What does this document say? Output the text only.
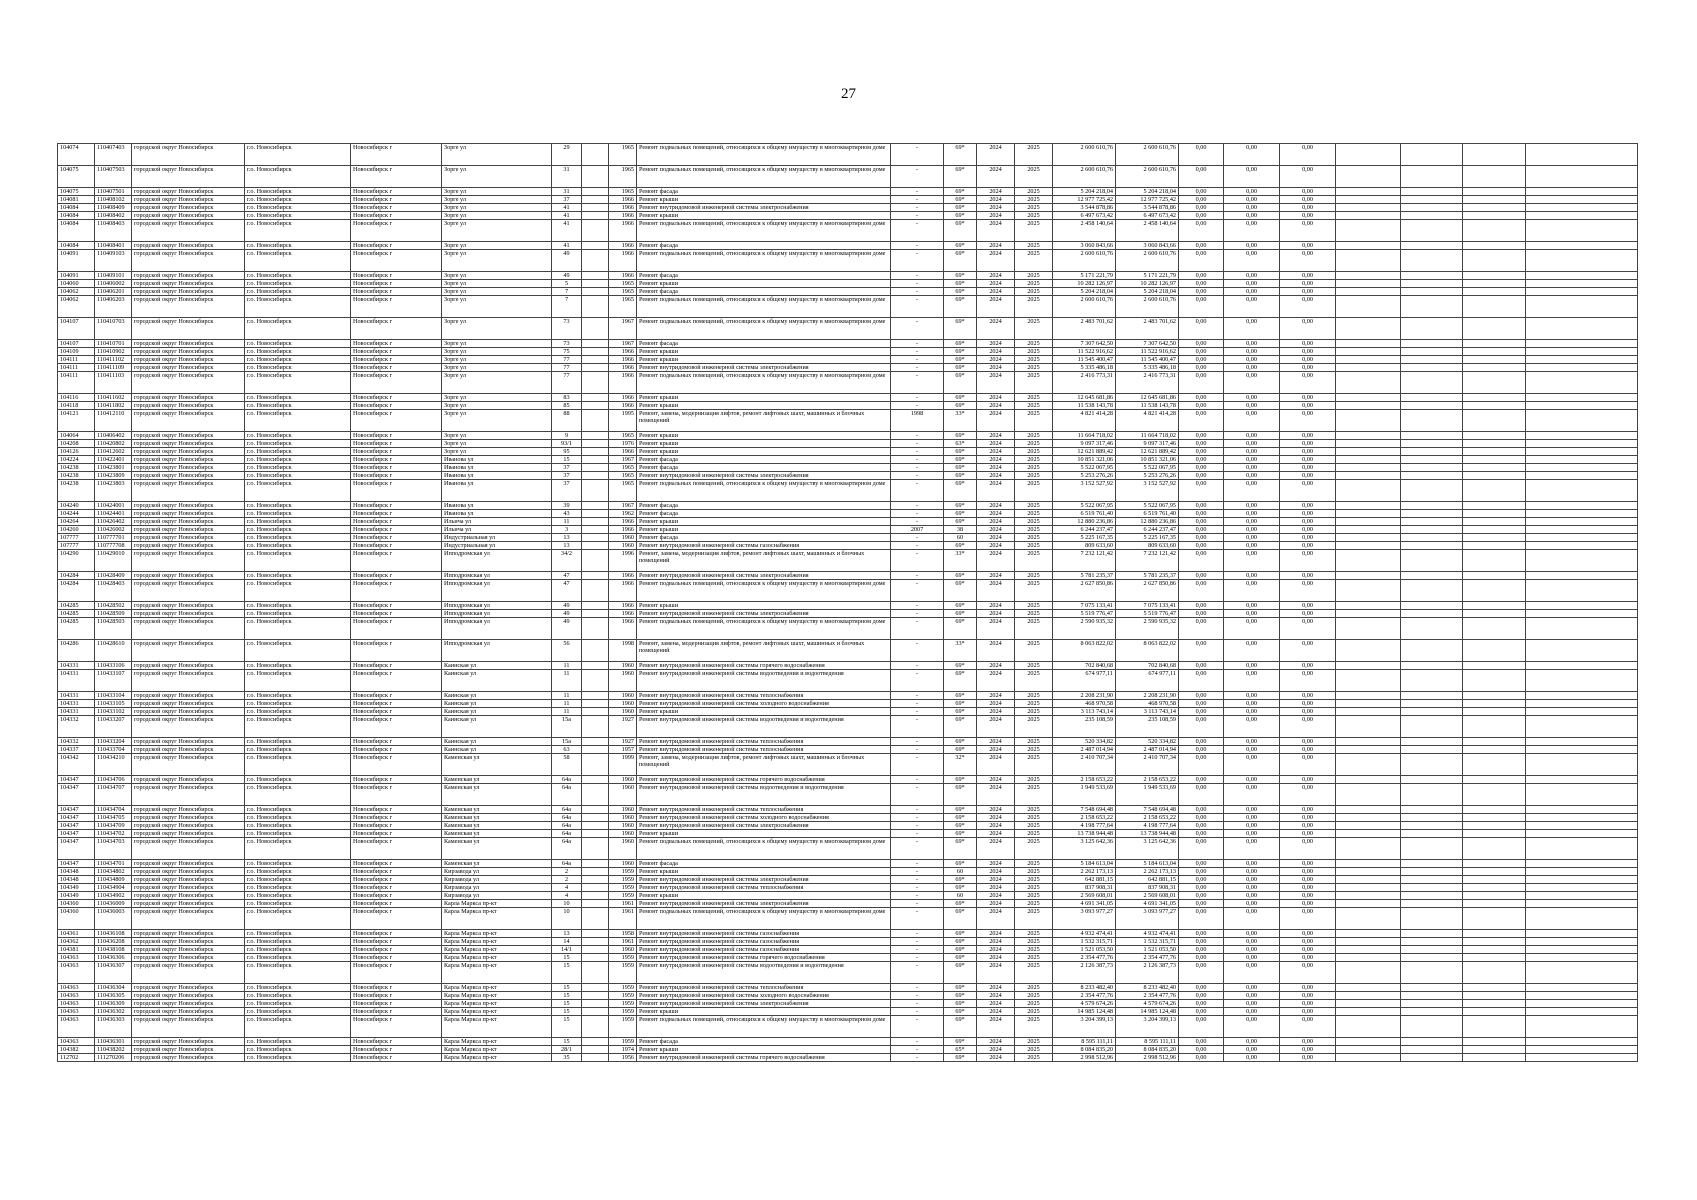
27
104074	110407403	городской округ Новосибирск	г.о. Новосибирск	Новосибирск г	Зорге ул	29		1965	Ремонт подвальных помещений, относящихся к общему имуществу в многоквартирном доме	-	69*	2024	2025	2 600 610,76	2 600 610,76	0,00	0,00	0,00				
104075	110407503	городской округ Новосибирск	г.о. Новосибирск	Новосибирск г	Зорге ул	31		1965	Ремонт подвальных помещений, относящихся к общему имуществу в многоквартирном доме	-	69*	2024	2025	2 600 610,76	2 600 610,76	0,00	0,00	0,00				
104075	110407501	городской округ Новосибирск	г.о. Новосибирск	Новосибирск г	Зорге ул	31		1965	Ремонт фасада	-	69*	2024	2025	5 204 218,04	5 204 218,04	0,00	0,00	0,00				
104081	110408102	городской округ Новосибирск	г.о. Новосибирск	Новосибирск г	Зорге ул	37		1966	Ремонт крыши	-	69*	2024	2025	12 977 725,42	12 977 725,42	0,00	0,00	0,00				
104084	110408409	городской округ Новосибирск	г.о. Новосибирск	Новосибирск г	Зорге ул	41		1966	Ремонт внутридомовой инженерной системы электроснабжения	-	69*	2024	2025	3 544 878,86	3 544 878,86	0,00	0,00	0,00				
104084	110408402	городской округ Новосибирск	г.о. Новосибирск	Новосибирск г	Зорге ул	41		1966	Ремонт крыши	-	69*	2024	2025	6 497 673,42	6 497 673,42	0,00	0,00	0,00				
104084	110408403	городской округ Новосибирск	г.о. Новосибирск	Новосибирск г	Зорге ул	41		1966	Ремонт подвальных помещений, относящихся к общему имуществу в многоквартирном доме	-	69*	2024	2025	2 458 140,64	2 458 140,64	0,00	0,00	0,00				
104084	110408401	городской округ Новосибирск	г.о. Новосибирск	Новосибирск г	Зорге ул	41		1966	Ремонт фасада	-	69*	2024	2025	3 060 843,66	3 060 843,66	0,00	0,00	0,00				
104091	110409103	городской округ Новосибирск	г.о. Новосибирск	Новосибирск г	Зорге ул	49		1966	Ремонт подвальных помещений, относящихся к общему имуществу в многоквартирном доме	-	69*	2024	2025	2 600 610,76	2 600 610,76	0,00	0,00	0,00				
104091	110409101	городской округ Новосибирск	г.о. Новосибирск	Новосибирск г	Зорге ул	49		1966	Ремонт фасада	-	69*	2024	2025	5 171 221,79	5 171 221,79	0,00	0,00	0,00				
104060	110406002	городской округ Новосибирск	г.о. Новосибирск	Новосибирск г	Зорге ул	5		1965	Ремонт крыши	-	69*	2024	2025	10 282 126,97	10 282 126,97	0,00	0,00	0,00				
104062	110406201	городской округ Новосибирск	г.о. Новосибирск	Новосибирск г	Зорге ул	7		1965	Ремонт фасада	-	69*	2024	2025	5 204 218,04	5 204 218,04	0,00	0,00	0,00				
104062	110406203	городской округ Новосибирск	г.о. Новосибирск	Новосибирск г	Зорге ул	7		1965	Ремонт подвальных помещений, относящихся к общему имуществу в многоквартирном доме	-	69*	2024	2025	2 600 610,76	2 600 610,76	0,00	0,00	0,00				
104107	110410703	городской округ Новосибирск	г.о. Новосибирск	Новосибирск г	Зорге ул	73		1967	Ремонт подвальных помещений, относящихся к общему имуществу в многоквартирном доме	-	69*	2024	2025	2 483 701,62	2 483 701,62	0,00	0,00	0,00				
104107	110410701	городской округ Новосибирск	г.о. Новосибирск	Новосибирск г	Зорге ул	73		1967	Ремонт фасада	-	69*	2024	2025	7 307 642,50	7 307 642,50	0,00	0,00	0,00				
104109	110410902	городской округ Новосибирск	г.о. Новосибирск	Новосибирск г	Зорге ул	75		1966	Ремонт крыши	-	69*	2024	2025	11 522 916,62	11 522 916,62	0,00	0,00	0,00				
104111	110411102	городской округ Новосибирск	г.о. Новосибирск	Новосибирск г	Зорге ул	77		1966	Ремонт крыши	-	69*	2024	2025	11 545 400,47	11 545 400,47	0,00	0,00	0,00				
104111	110411109	городской округ Новосибирск	г.о. Новосибирск	Новосибирск г	Зорге ул	77		1966	Ремонт внутридомовой инженерной системы электроснабжения	-	69*	2024	2025	5 335 486,18	5 335 486,18	0,00	0,00	0,00				
104111	110411103	городской округ Новосибирск	г.о. Новосибирск	Новосибирск г	Зорге ул	77		1966	Ремонт подвальных помещений, относящихся к общему имуществу в многоквартирном доме	-	69*	2024	2025	2 416 773,31	2 416 773,31	0,00	0,00	0,00				
104116	110411602	городской округ Новосибирск	г.о. Новосибирск	Новосибирск г	Зорге ул	83		1966	Ремонт крыши	-	69*	2024	2025	12 645 681,86	12 645 681,86	0,00	0,00	0,00				
104118	110411802	городской округ Новосибирск	г.о. Новосибирск	Новосибирск г	Зорге ул	85		1966	Ремонт крыши	-	69*	2024	2025	11 538 143,78	11 538 143,78	0,00	0,00	0,00				
104121	110412110	городской округ Новосибирск	г.о. Новосибирск	Новосибирск г	Зорге ул	88		1995	Ремонт, замена, модернизация лифтов, ремонт лифтовых шахт, машинных и блочных помещений	1998	33*	2024	2025	4 821 414,28	4 821 414,28	0,00	0,00	0,00				
104064	110406402	городской округ Новосибирск	г.о. Новосибирск	Новосибирск г	Зорге ул	9		1965	Ремонт крыши	-	69*	2024	2025	11 664 718,02	11 664 718,02	0,00	0,00	0,00				
104208	110420802	городской округ Новосибирск	г.о. Новосибирск	Новосибирск г	Зорге ул	93/1		1976	Ремонт крыши	-	63*	2024	2025	9 097 317,46	9 097 317,46	0,00	0,00	0,00				
104126	110412602	городской округ Новосибирск	г.о. Новосибирск	Новосибирск г	Зорге ул	95		1966	Ремонт крыши	-	69*	2024	2025	12 621 889,42	12 621 889,42	0,00	0,00	0,00				
104224	110422401	городской округ Новосибирск	г.о. Новосибирск	Новосибирск г	Иванова ул	15		1967	Ремонт фасада	-	69*	2024	2025	10 851 321,06	10 851 321,06	0,00	0,00	0,00				
104238	110423801	городской округ Новосибирск	г.о. Новосибирск	Новосибирск г	Иванова ул	37		1965	Ремонт фасада	-	69*	2024	2025	5 522 067,95	5 522 067,95	0,00	0,00	0,00				
104238	110423809	городской округ Новосибирск	г.о. Новосибирск	Новосибирск г	Иванова ул	37		1965	Ремонт внутридомовой инженерной системы электроснабжения	-	69*	2024	2025	5 253 276,26	5 253 276,26	0,00	0,00	0,00				
104238	110423803	городской округ Новосибирск	г.о. Новосибирск	Новосибирск г	Иванова ул	37		1965	Ремонт подвальных помещений, относящихся к общему имуществу в многоквартирном доме	-	69*	2024	2025	3 152 527,92	3 152 527,92	0,00	0,00	0,00				
104240	110424001	городской округ Новосибирск	г.о. Новосибирск	Новосибирск г	Иванова ул	39		1967	Ремонт фасада	-	69*	2024	2025	5 522 067,95	5 522 067,95	0,00	0,00	0,00				
104244	110424401	городской округ Новосибирск	г.о. Новосибирск	Новосибирск г	Иванова ул	43		1962	Ремонт фасада	-	69*	2024	2025	6 519 761,40	6 519 761,40	0,00	0,00	0,00				
104264	110426402	городской округ Новосибирск	г.о. Новосибирск	Новосибирск г	Ильича ул	11		1966	Ремонт крыши	-	69*	2024	2025	12 880 236,86	12 880 236,86	0,00	0,00	0,00				
104260	110426002	городской округ Новосибирск	г.о. Новосибирск	Новосибирск г	Ильича ул	3		1966	Ремонт крыши	2007	38	2024	2025	6 244 237,47	6 244 237,47	0,00	0,00	0,00				
107777	110777701	городской округ Новосибирск	г.о. Новосибирск	Новосибирск г	Индустриальная ул	13		1960	Ремонт фасада	-	60	2024	2025	5 225 167,35	5 225 167,35	0,00	0,00	0,00				
107777	110777708	городской округ Новосибирск	г.о. Новосибирск	Новосибирск г	Индустриальная ул	13		1960	Ремонт внутридомовой инженерной системы газоснабжения	-	69*	2024	2025	809 633,60	809 633,60	0,00	0,00	0,00				
104290	110429010	городской округ Новосибирск	г.о. Новосибирск	Новосибирск г	Ипподромская ул	34/2		1996	Ремонт, замена, модернизация лифтов, ремонт лифтовых шахт, машинных и блочных помещений	-	33*	2024	2025	7 232 121,42	7 232 121,42	0,00	0,00	0,00				
104284	110428409	городской округ Новосибирск	г.о. Новосибирск	Новосибирск г	Ипподромская ул	47		1966	Ремонт внутридомовой инженерной системы электроснабжения	-	69*	2024	2025	5 781 235,37	5 781 235,37	0,00	0,00	0,00				
104284	110428403	городской округ Новосибирск	г.о. Новосибирск	Новосибирск г	Ипподромская ул	47		1966	Ремонт подвальных помещений, относящихся к общему имуществу в многоквартирном доме	-	69*	2024	2025	2 627 850,86	2 627 850,86	0,00	0,00	0,00				
104285	110428502	городской округ Новосибирск	г.о. Новосибирск	Новосибирск г	Ипподромская ул	49		1966	Ремонт крыши	-	69*	2024	2025	7 075 133,41	7 075 133,41	0,00	0,00	0,00				
104285	110428509	городской округ Новосибирск	г.о. Новосибирск	Новосибирск г	Ипподромская ул	49		1966	Ремонт внутридомовой инженерной системы электроснабжения	-	69*	2024	2025	5 519 776,47	5 519 776,47	0,00	0,00	0,00				
104285	110428503	городской округ Новосибирск	г.о. Новосибирск	Новосибирск г	Ипподромская ул	49		1966	Ремонт подвальных помещений, относящихся к общему имуществу в многоквартирном доме	-	69*	2024	2025	2 590 935,32	2 590 935,32	0,00	0,00	0,00				
104286	110428610	городской округ Новосибирск	г.о. Новосибирск	Новосибирск г	Ипподромская ул	56		1998	Ремонт, замена, модернизация лифтов, ремонт лифтовых шахт, машинных и блочных помещений	-	33*	2024	2025	8 063 822,02	8 063 822,02	0,00	0,00	0,00				
104331	110433106	городской округ Новосибирск	г.о. Новосибирск	Новосибирск г	Каинская ул	11		1960	Ремонт внутридомовой инженерной системы горячего водоснабжения	-	69*	2024	2025	702 840,68	702 840,68	0,00	0,00	0,00				
104331	110433107	городской округ Новосибирск	г.о. Новосибирск	Новосибирск г	Каинская ул	11		1960	Ремонт внутридомовой инженерной системы водоотведения и водоотведения	-	69*	2024	2025	674 977,11	674 977,11	0,00	0,00	0,00				
104331	110433104	городской округ Новосибирск	г.о. Новосибирск	Новосибирск г	Каинская ул	11		1960	Ремонт внутридомовой инженерной системы теплоснабжения	-	69*	2024	2025	2 208 231,90	2 208 231,90	0,00	0,00	0,00				
104331	110433105	городской округ Новосибирск	г.о. Новосибирск	Новосибирск г	Каинская ул	11		1960	Ремонт внутридомовой инженерной системы холодного водоснабжения	-	69*	2024	2025	468 970,58	468 970,58	0,00	0,00	0,00				
104331	110433102	городской округ Новосибирск	г.о. Новосибирск	Новосибирск г	Каинская ул	11		1960	Ремонт крыши	-	69*	2024	2025	3 113 743,14	3 113 743,14	0,00	0,00	0,00				
104332	110433207	городской округ Новосибирск	г.о. Новосибирск	Новосибирск г	Каинская ул	15а		1927	Ремонт внутридомовой инженерной системы водоотведения и водоотведения	-	69*	2024	2025	235 108,59	235 108,59	0,00	0,00	0,00				
104332	110433204	городской округ Новосибирск	г.о. Новосибирск	Новосибирск г	Каинская ул	15а		1927	Ремонт внутридомовой инженерной системы теплоснабжения	-	69*	2024	2025	520 334,82	520 334,82	0,00	0,00	0,00				
104337	110433704	городской округ Новосибирск	г.о. Новосибирск	Новосибирск г	Каинская ул	63		1957	Ремонт внутридомовой инженерной системы теплоснабжения	-	69*	2024	2025	2 487 014,94	2 487 014,94	0,00	0,00	0,00				
104342	110434210	городской округ Новосибирск	г.о. Новосибирск	Новосибирск г	Каменская ул	58		1999	Ремонт, замена, модернизация лифтов, ремонт лифтовых шахт, машинных и блочных помещений	-	32*	2024	2025	2 410 707,34	2 410 707,34	0,00	0,00	0,00				
104347	110434706	городской округ Новосибирск	г.о. Новосибирск	Новосибирск г	Каменская ул	64а		1960	Ремонт внутридомовой инженерной системы горячего водоснабжения	-	69*	2024	2025	2 158 653,22	2 158 653,22	0,00	0,00	0,00				
104347	110434707	городской округ Новосибирск	г.о. Новосибирск	Новосибирск г	Каменская ул	64а		1960	Ремонт внутридомовой инженерной системы водоотведения и водоотведения	-	69*	2024	2025	1 949 533,69	1 949 533,69	0,00	0,00	0,00				
104347	110434704	городской округ Новосибирск	г.о. Новосибирск	Новосибирск г	Каменская ул	64а		1960	Ремонт внутридомовой инженерной системы теплоснабжения	-	69*	2024	2025	7 548 694,48	7 548 694,48	0,00	0,00	0,00				
104347	110434705	городской округ Новосибирск	г.о. Новосибирск	Новосибирск г	Каменская ул	64а		1960	Ремонт внутридомовой инженерной системы холодного водоснабжения	-	69*	2024	2025	2 158 653,22	2 158 653,22	0,00	0,00	0,00				
104347	110434709	городской округ Новосибирск	г.о. Новосибирск	Новосибирск г	Каменская ул	64а		1960	Ремонт внутридомовой инженерной системы электроснабжения	-	69*	2024	2025	4 198 777,64	4 198 777,64	0,00	0,00	0,00				
104347	110434702	городской округ Новосибирск	г.о. Новосибирск	Новосибирск г	Каменская ул	64а		1960	Ремонт крыши	-	69*	2024	2025	13 738 944,48	13 738 944,48	0,00	0,00	0,00				
104347	110434703	городской округ Новосибирск	г.о. Новосибирск	Новосибирск г	Каменская ул	64а		1960	Ремонт подвальных помещений, относящихся к общему имуществу в многоквартирном доме	-	69*	2024	2025	3 125 642,36	3 125 642,36	0,00	0,00	0,00				
104347	110434701	городской округ Новосибирск	г.о. Новосибирск	Новосибирск г	Каменская ул	64а		1960	Ремонт фасада	-	69*	2024	2025	5 184 613,04	5 184 613,04	0,00	0,00	0,00				
104348	110434802	городской округ Новосибирск	г.о. Новосибирск	Новосибирск г	Кирзавода ул	2		1959	Ремонт крыши	-	60	2024	2025	2 262 173,13	2 262 173,13	0,00	0,00	0,00				
104348	110434809	городской округ Новосибирск	г.о. Новосибирск	Новосибирск г	Кирзавода ул	2		1959	Ремонт внутридомовой инженерной системы электроснабжения	-	69*	2024	2025	642 881,15	642 881,15	0,00	0,00	0,00				
104349	110434904	городской округ Новосибирск	г.о. Новосибирск	Новосибирск г	Кирзавода ул	4		1959	Ремонт внутридомовой инженерной системы теплоснабжения	-	69*	2024	2025	837 908,31	837 908,31	0,00	0,00	0,00				
104349	110434902	городской округ Новосибирск	г.о. Новосибирск	Новосибирск г	Кирзавода ул	4		1959	Ремонт крыши	-	60	2024	2025	2 569 608,01	2 569 608,01	0,00	0,00	0,00				
104360	110436009	городской округ Новосибирск	г.о. Новосибирск	Новосибирск г	Карла Маркса пр-кт	10		1961	Ремонт внутридомовой инженерной системы электроснабжения	-	69*	2024	2025	4 691 341,05	4 691 341,05	0,00	0,00	0,00				
104360	110436003	городской округ Новосибирск	г.о. Новосибирск	Новосибирск г	Карла Маркса пр-кт	10		1961	Ремонт подвальных помещений, относящихся к общему имуществу в многоквартирном доме	-	69*	2024	2025	3 093 977,27	3 093 977,27	0,00	0,00	0,00				
104361	110436108	городской округ Новосибирск	г.о. Новосибирск	Новосибирск г	Карла Маркса пр-кт	13		1958	Ремонт внутридомовой инженерной системы газоснабжения	-	69*	2024	2025	4 932 474,41	4 932 474,41	0,00	0,00	0,00				
104362	110436208	городской округ Новосибирск	г.о. Новосибирск	Новосибирск г	Карла Маркса пр-кт	14		1961	Ремонт внутридомовой инженерной системы газоснабжения	-	69*	2024	2025	1 532 315,71	1 532 315,71	0,00	0,00	0,00				
104381	110438108	городской округ Новосибирск	г.о. Новосибирск	Новосибирск г	Карла Маркса пр-кт	14/1		1960	Ремонт внутридомовой инженерной системы газоснабжения	-	69*	2024	2025	1 521 053,50	1 521 053,50	0,00	0,00	0,00				
104363	110436306	городской округ Новосибирск	г.о. Новосибирск	Новосибирск г	Карла Маркса пр-кт	15		1959	Ремонт внутридомовой инженерной системы горячего водоснабжения	-	69*	2024	2025	2 354 477,76	2 354 477,76	0,00	0,00	0,00				
104363	110436307	городской округ Новосибирск	г.о. Новосибирск	Новосибирск г	Карла Маркса пр-кт	15		1959	Ремонт внутридомовой инженерной системы водоотведения и водоотведения	-	69*	2024	2025	2 126 387,73	2 126 387,73	0,00	0,00	0,00				
104363	110436304	городской округ Новосибирск	г.о. Новосибирск	Новосибирск г	Карла Маркса пр-кт	15		1959	Ремонт внутридомовой инженерной системы теплоснабжения	-	69*	2024	2025	8 233 482,40	8 233 482,40	0,00	0,00	0,00				
104363	110436305	городской округ Новосибирск	г.о. Новосибирск	Новосибирск г	Карла Маркса пр-кт	15		1959	Ремонт внутридомовой инженерной системы холодного водоснабжения	-	69*	2024	2025	2 354 477,76	2 354 477,76	0,00	0,00	0,00				
104363	110436309	городской округ Новосибирск	г.о. Новосибирск	Новосибирск г	Карла Маркса пр-кт	15		1959	Ремонт внутридомовой инженерной системы электроснабжения	-	69*	2024	2025	4 579 674,26	4 579 674,26	0,00	0,00	0,00				
104363	110436302	городской округ Новосибирск	г.о. Новосибирск	Новосибирск г	Карла Маркса пр-кт	15		1959	Ремонт крыши	-	69*	2024	2025	14 985 124,48	14 985 124,48	0,00	0,00	0,00				
104363	110436303	городской округ Новосибирск	г.о. Новосибирск	Новосибирск г	Карла Маркса пр-кт	15		1959	Ремонт подвальных помещений, относящихся к общему имуществу в многоквартирном доме	-	69*	2024	2025	3 204 399,13	3 204 399,13	0,00	0,00	0,00				
104363	110436301	городской округ Новосибирск	г.о. Новосибирск	Новосибирск г	Карла Маркса пр-кт	15		1959	Ремонт фасада	-	69*	2024	2025	8 595 111,11	8 595 111,11	0,00	0,00	0,00				
104382	110438202	городской округ Новосибирск	г.о. Новосибирск	Новосибирск г	Карла Маркса пр-кт	28/1		1974	Ремонт крыши	-	65*	2024	2025	8 084 835,20	8 084 835,20	0,00	0,00	0,00				
112702	111270206	городской округ Новосибирск	г.о. Новосибирск	Новосибирск г	Карла Маркса пр-кт	35		1956	Ремонт внутридомовой инженерной системы горячего водоснабжения	-	69*	2024	2025	2 998 512,96	2 998 512,96	0,00	0,00	0,00				
